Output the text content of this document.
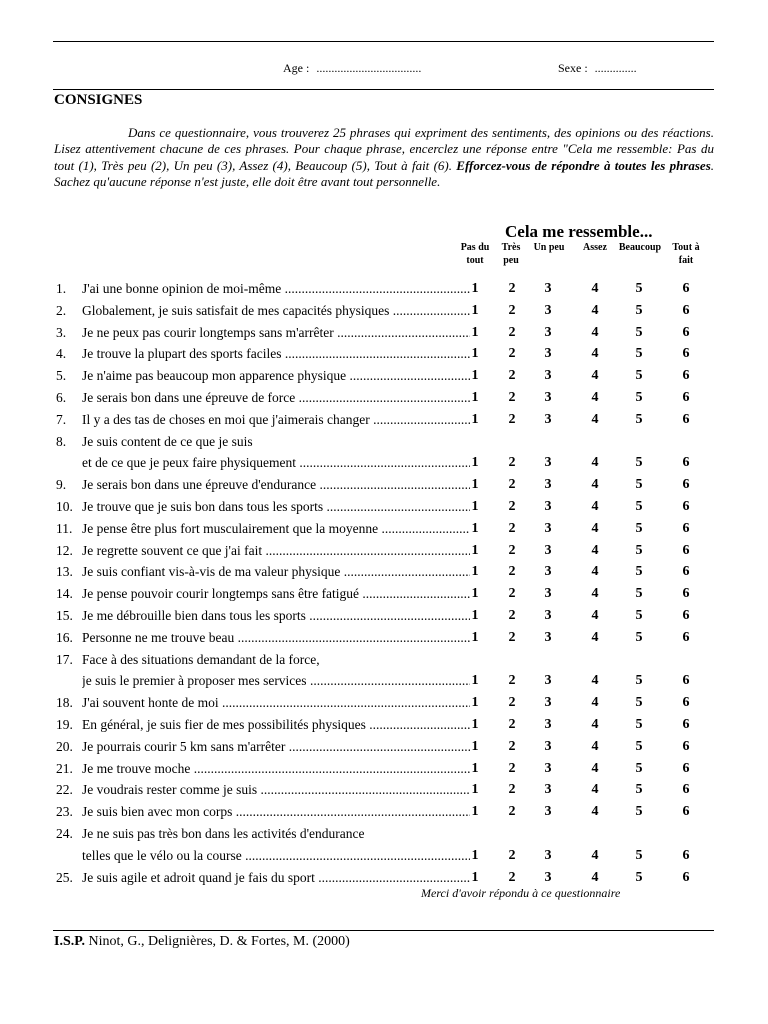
Age : ...................................	Sexe : ..............
CONSIGNES

Dans ce questionnaire, vous trouverez 25 phrases qui expriment des sentiments, des opinions ou des réactions. Lisez attentivement chacune de ces phrases. Pour chaque phrase, encerclez une réponse entre "Cela me ressemble: Pas du tout (1), Très peu (2), Un peu (3), Assez (4), Beaucoup (5), Tout à fait (6). Efforcez-vous de répondre à toutes les phrases. Sachez qu'aucune réponse n'est juste, elle doit être avant tout personnelle.

Cela me ressemble...
Pas du tout
Très peu
Un peu	Assez	Beaucoup	Tout à fait
1. J'ai une bonne opinion de moi-même .....	1	2	3	4	5	6
2. Globalement, je suis satisfait de mes capacités physiques .....	1	2	3	4	5	6
3. Je ne peux pas courir longtemps sans m'arrêter .....	1	2	3	4	5	6
4. Je trouve la plupart des sports faciles .....	1	2	3	4	5	6
5. Je n'aime pas beaucoup mon apparence physique .....	1	2	3	4	5	6
6. Je serais bon dans une épreuve de force .....	1	2	3	4	5	6
7. Il y a des tas de choses en moi que j'aimerais changer .....	1	2	3	4	5	6
8. Je suis content de ce que je suis
et de ce que je peux faire physiquement .....	1	2	3	4	5	6
9. Je serais bon dans une épreuve d'endurance .....	1	2	3	4	5	6
10. Je trouve que je suis bon dans tous les sports .....	1	2	3	4	5	6
11. Je pense être plus fort musculairement que la moyenne .....	1	2	3	4	5	6
12. Je regrette souvent ce que j'ai fait .....	1	2	3	4	5	6
13. Je suis confiant vis-à-vis de ma valeur physique .....	1	2	3	4	5	6
14. Je pense pouvoir courir longtemps sans être fatigué .....	1	2	3	4	5	6
15. Je me débrouille bien dans tous les sports .....	1	2	3	4	5	6
16. Personne ne me trouve beau .....	1	2	3	4	5	6
17. Face à des situations demandant de la force,
je suis le premier à proposer mes services .....	1	2	3	4	5	6
18. J'ai souvent honte de moi .....	1	2	3	4	5	6
19. En général, je suis fier de mes possibilités physiques .....	1	2	3	4	5	6
20. Je pourrais courir 5 km sans m'arrêter .....	1	2	3	4	5	6
21. Je me trouve moche .....	1	2	3	4	5	6
22. Je voudrais rester comme je suis .....	1	2	3	4	5	6
23. Je suis bien avec mon corps .....	1	2	3	4	5	6
24. Je ne suis pas très bon dans les activités d'endurance
telles que le vélo ou la course .....	1	2	3	4	5	6
25. Je suis agile et adroit quand je fais du sport .....	1	2	3	4	5	6
Merci d'avoir répondu à ce questionnaire
I.S.P. Ninot, G., Delignières, D. & Fortes, M. (2000)
